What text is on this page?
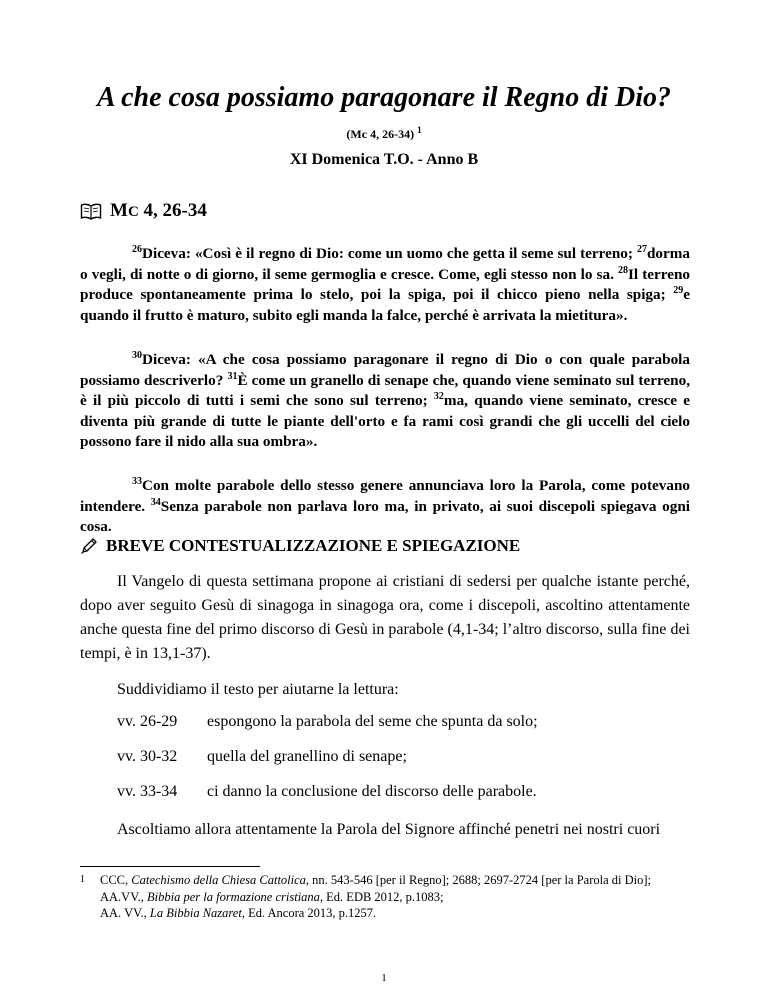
A che cosa possiamo paragonare il Regno di Dio?
(Mc 4, 26-34) $^1$
XI Domenica T.O. - Anno B
MC 4, 26-34

$^{26}$Diceva: «Così è il regno di Dio: come un uomo che getta il seme sul terreno; $^{27}$dorma o vegli, di notte o di giorno, il seme germoglia e cresce. Come, egli stesso non lo sa. $^{28}$Il terreno produce spontaneamente prima lo stelo, poi la spiga, poi il chicco pieno nella spiga; $^{29}$e quando il frutto è maturo, subito egli manda la falce, perché è arrivata la mietitura».

$^{30}$Diceva: «A che cosa possiamo paragonare il regno di Dio o con quale parabola possiamo descriverlo? $^{31}$È come un granello di senape che, quando viene seminato sul terreno, è il più piccolo di tutti i semi che sono sul terreno; $^{32}$ma, quando viene seminato, cresce e diventa più grande di tutte le piante dell'orto e fa rami così grandi che gli uccelli del cielo possono fare il nido alla sua ombra».

$^{33}$Con molte parabole dello stesso genere annunciava loro la Parola, come potevano intendere. $^{34}$Senza parabole non parlava loro ma, in privato, ai suoi discepoli spiegava ogni cosa.

BREVE CONTESTUALIZZAZIONE E SPIEGAZIONE

Il Vangelo di questa settimana propone ai cristiani di sedersi per qualche istante perché, dopo aver seguito Gesù di sinagoga in sinagoga ora, come i discepoli, ascoltino attentamente anche questa fine del primo discorso di Gesù in parabole (4,1-34; l’altro discorso, sulla fine dei tempi, è in 13,1-37).

Suddividiamo il testo per aiutarne la lettura:

vv. 26-29 espongono la parabola del seme che spunta da solo;
vv. 30-32 quella del granellino di senape;
vv. 33-34 ci danno la conclusione del discorso delle parabole.

Ascoltiamo allora attentamente la Parola del Signore affinché penetri nei nostri cuori

1 CCC, Catechismo della Chiesa Cattolica, nn. 543-546 [per il Regno]; 2688; 2697-2724 [per la Parola di Dio];
AA.VV., Bibbia per la formazione cristiana, Ed. EDB 2012, p.1083;
AA. VV., La Bibbia Nazaret, Ed. Ancora 2013, p.1257.
1
